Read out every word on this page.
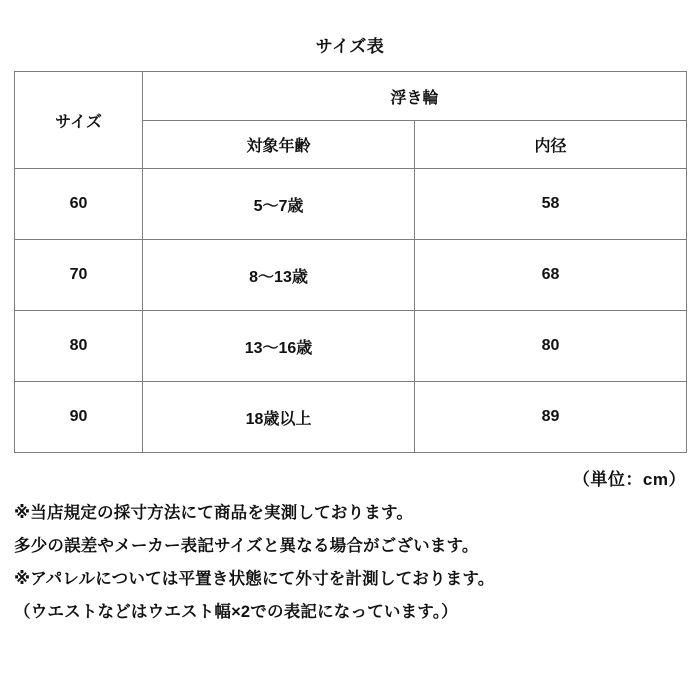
サイズ表
サイズ	浮き輪	
	対象年齢	内径
60	5〜7歳	58
70	8〜13歳	68
80	13〜16歳	80
90	18歳以上	89
（単位：cm）

※当店規定の採寸方法にて商品を実測しております。

多少の誤差やメーカー表記サイズと異なる場合がございます。

※アパレルについては平置き状態にて外寸を計測しております。

（ウエストなどはウエスト幅×2での表記になっています。）
